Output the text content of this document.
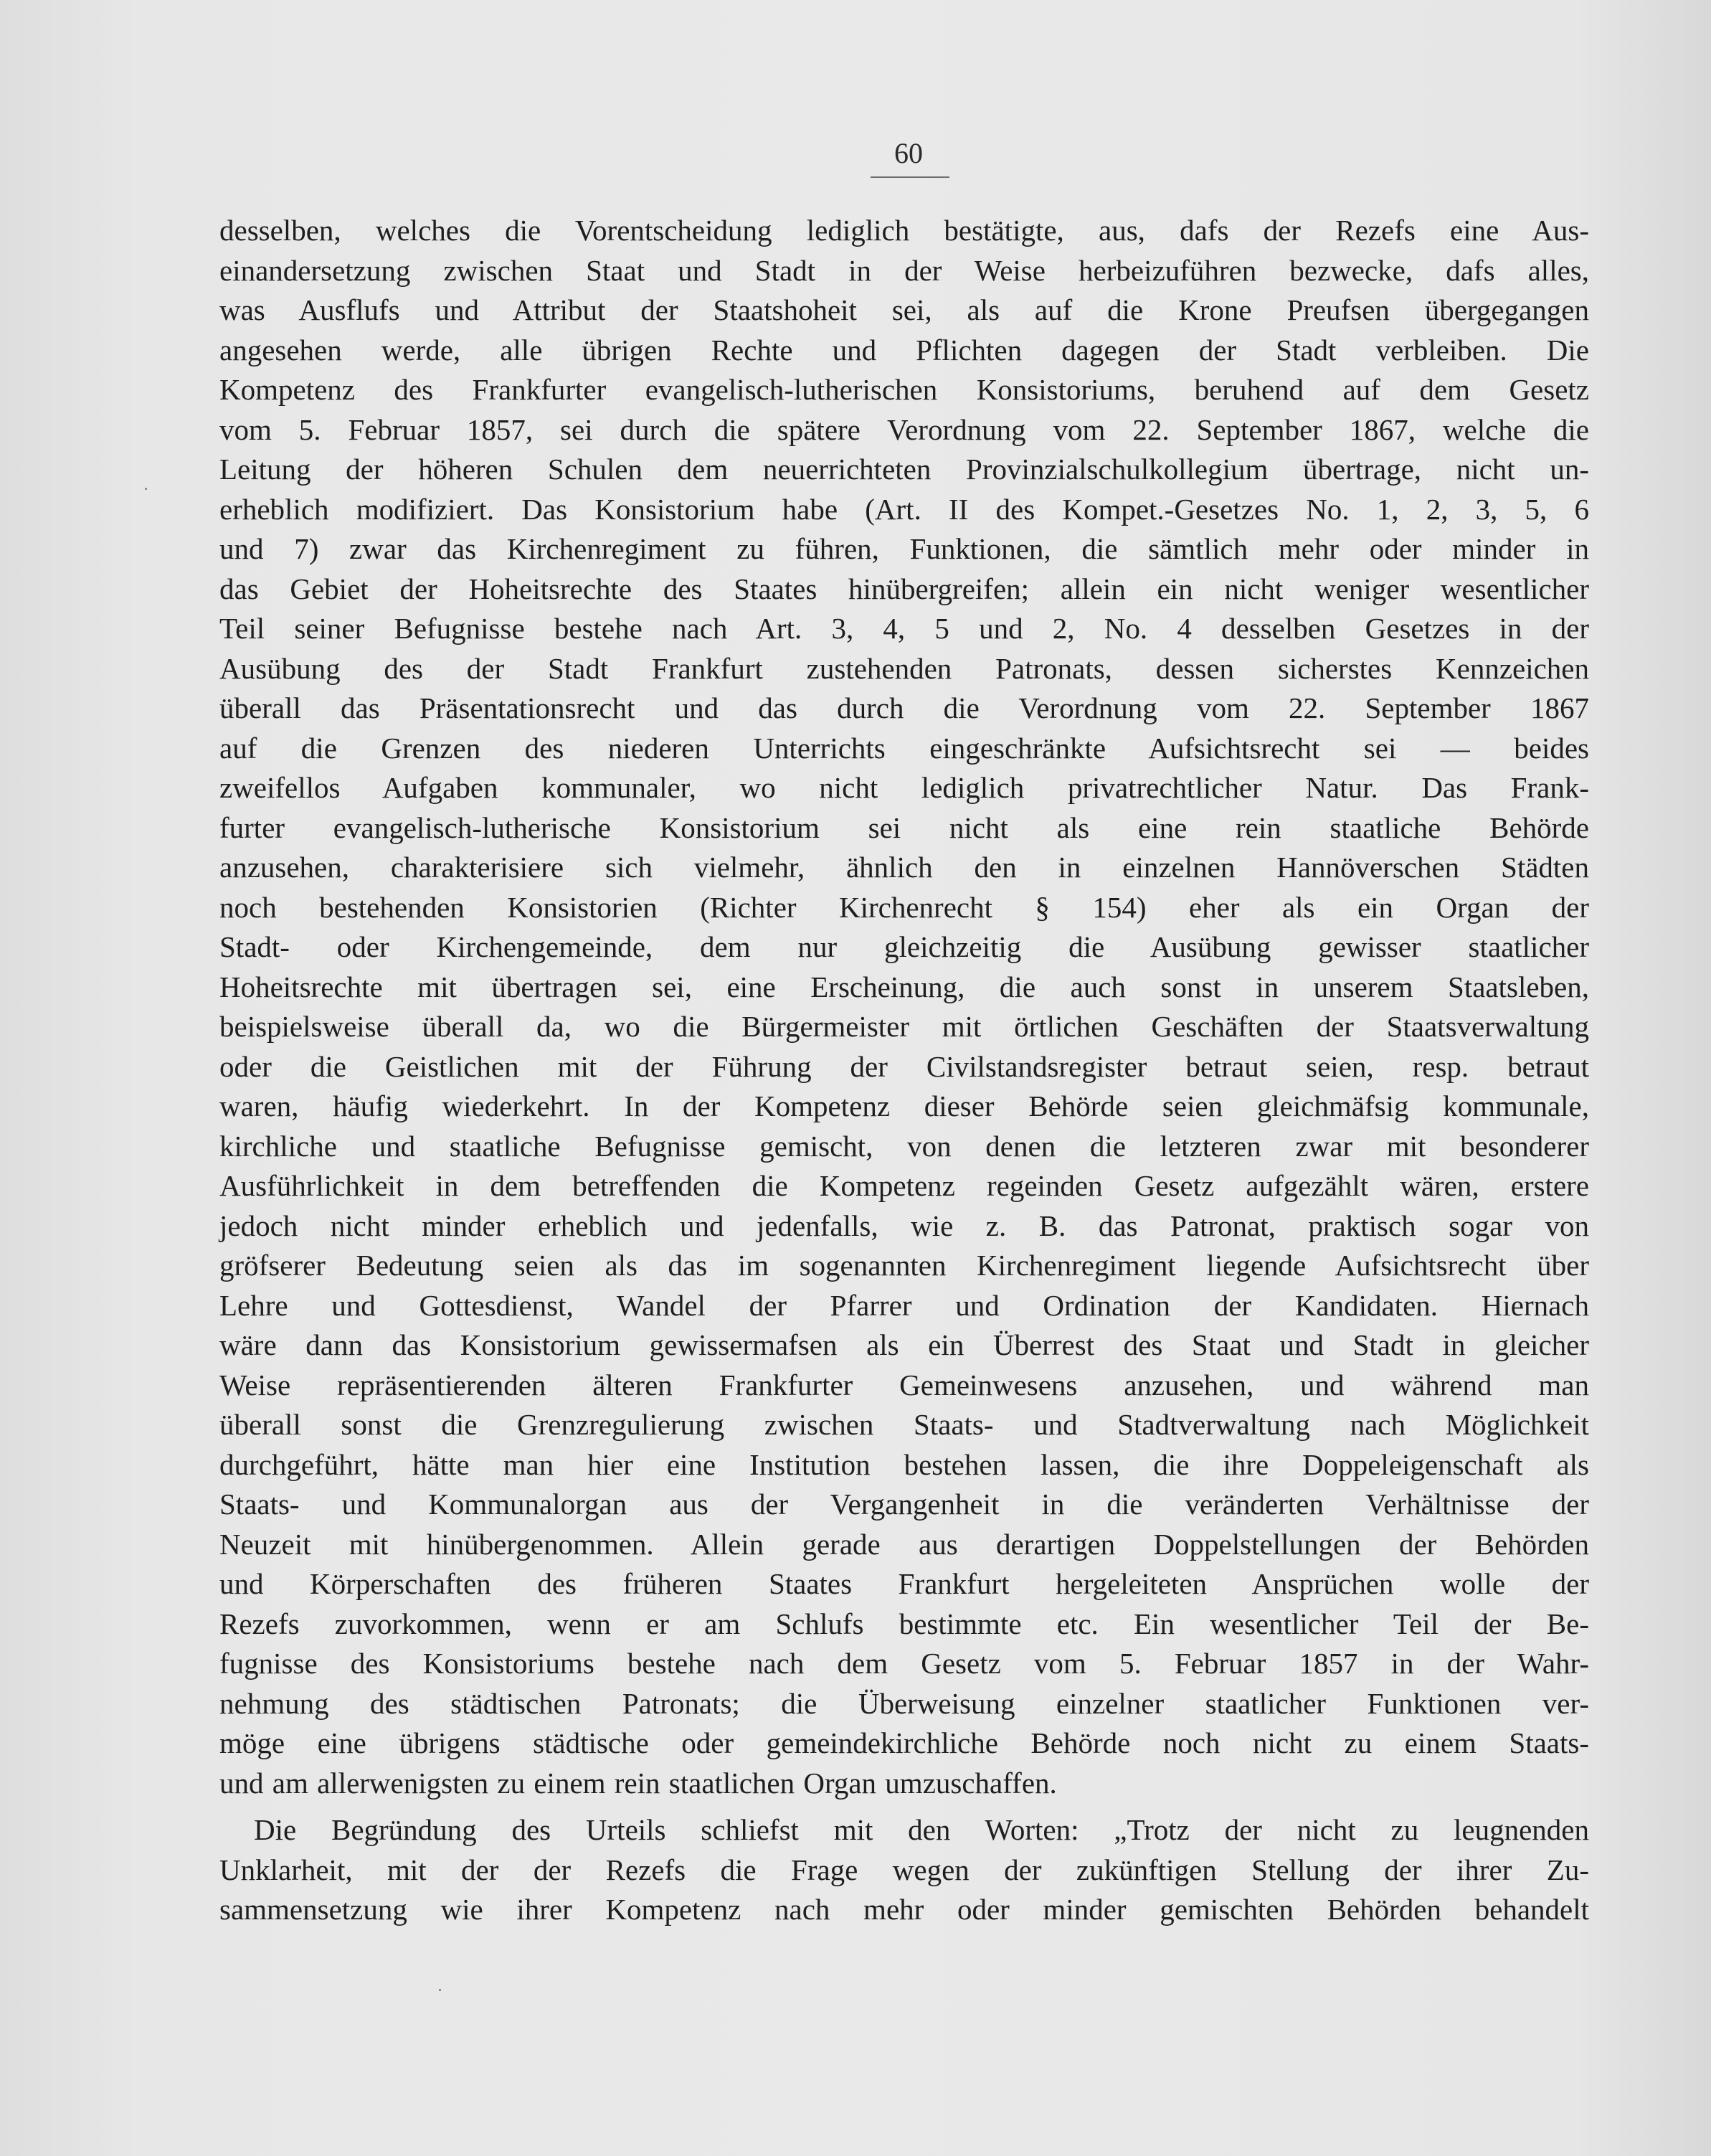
60

desselben, welches die Vorentscheidung lediglich bestätigte, aus, dafs der Rezefs eine Aus-
einandersetzung zwischen Staat und Stadt in der Weise herbeizuführen bezwecke, dafs alles,
was Ausflufs und Attribut der Staatshoheit sei, als auf die Krone Preufsen übergegangen
angesehen werde, alle übrigen Rechte und Pflichten dagegen der Stadt verbleiben. Die
Kompetenz des Frankfurter evangelisch-lutherischen Konsistoriums, beruhend auf dem Gesetz
vom 5. Februar 1857, sei durch die spätere Verordnung vom 22. September 1867, welche die
Leitung der höheren Schulen dem neuerrichteten Provinzialschulkollegium übertrage, nicht un-
erheblich modifiziert. Das Konsistorium habe (Art. II des Kompet.-Gesetzes No. 1, 2, 3, 5, 6
und 7) zwar das Kirchenregiment zu führen, Funktionen, die sämtlich mehr oder minder in
das Gebiet der Hoheitsrechte des Staates hinübergreifen; allein ein nicht weniger wesentlicher
Teil seiner Befugnisse bestehe nach Art. 3, 4, 5 und 2, No. 4 desselben Gesetzes in der
Ausübung des der Stadt Frankfurt zustehenden Patronats, dessen sicherstes Kennzeichen
überall das Präsentationsrecht und das durch die Verordnung vom 22. September 1867
auf die Grenzen des niederen Unterrichts eingeschränkte Aufsichtsrecht sei — beides
zweifellos Aufgaben kommunaler, wo nicht lediglich privatrechtlicher Natur. Das Frank-
furter evangelisch-lutherische Konsistorium sei nicht als eine rein staatliche Behörde
anzusehen, charakterisiere sich vielmehr, ähnlich den in einzelnen Hannöverschen Städten
noch bestehenden Konsistorien (Richter Kirchenrecht § 154) eher als ein Organ der
Stadt- oder Kirchengemeinde, dem nur gleichzeitig die Ausübung gewisser staatlicher
Hoheitsrechte mit übertragen sei, eine Erscheinung, die auch sonst in unserem Staatsleben,
beispielsweise überall da, wo die Bürgermeister mit örtlichen Geschäften der Staatsverwaltung
oder die Geistlichen mit der Führung der Civilstandsregister betraut seien, resp. betraut
waren, häufig wiederkehrt. In der Kompetenz dieser Behörde seien gleichmäfsig kommunale,
kirchliche und staatliche Befugnisse gemischt, von denen die letzteren zwar mit besonderer
Ausführlichkeit in dem betreffenden die Kompetenz regeinden Gesetz aufgezählt wären, erstere
jedoch nicht minder erheblich und jedenfalls, wie z. B. das Patronat, praktisch sogar von
gröfserer Bedeutung seien als das im sogenannten Kirchenregiment liegende Aufsichtsrecht über
Lehre und Gottesdienst, Wandel der Pfarrer und Ordination der Kandidaten. Hiernach
wäre dann das Konsistorium gewissermafsen als ein Überrest des Staat und Stadt in gleicher
Weise repräsentierenden älteren Frankfurter Gemeinwesens anzusehen, und während man
überall sonst die Grenzregulierung zwischen Staats- und Stadtverwaltung nach Möglichkeit
durchgeführt, hätte man hier eine Institution bestehen lassen, die ihre Doppeleigenschaft als
Staats- und Kommunalorgan aus der Vergangenheit in die veränderten Verhältnisse der
Neuzeit mit hinübergenommen. Allein gerade aus derartigen Doppelstellungen der Behörden
und Körperschaften des früheren Staates Frankfurt hergeleiteten Ansprüchen wolle der
Rezefs zuvorkommen, wenn er am Schlufs bestimmte etc. Ein wesentlicher Teil der Be-
fugnisse des Konsistoriums bestehe nach dem Gesetz vom 5. Februar 1857 in der Wahr-
nehmung des städtischen Patronats; die Überweisung einzelner staatlicher Funktionen ver-
möge eine übrigens städtische oder gemeindekirchliche Behörde noch nicht zu einem Staats-
und am allerwenigsten zu einem rein staatlichen Organ umzuschaffen.

Die Begründung des Urteils schliefst mit den Worten: „Trotz der nicht zu leugnenden
Unklarheit, mit der der Rezefs die Frage wegen der zukünftigen Stellung der ihrer Zu-
sammensetzung wie ihrer Kompetenz nach mehr oder minder gemischten Behörden behandelt
